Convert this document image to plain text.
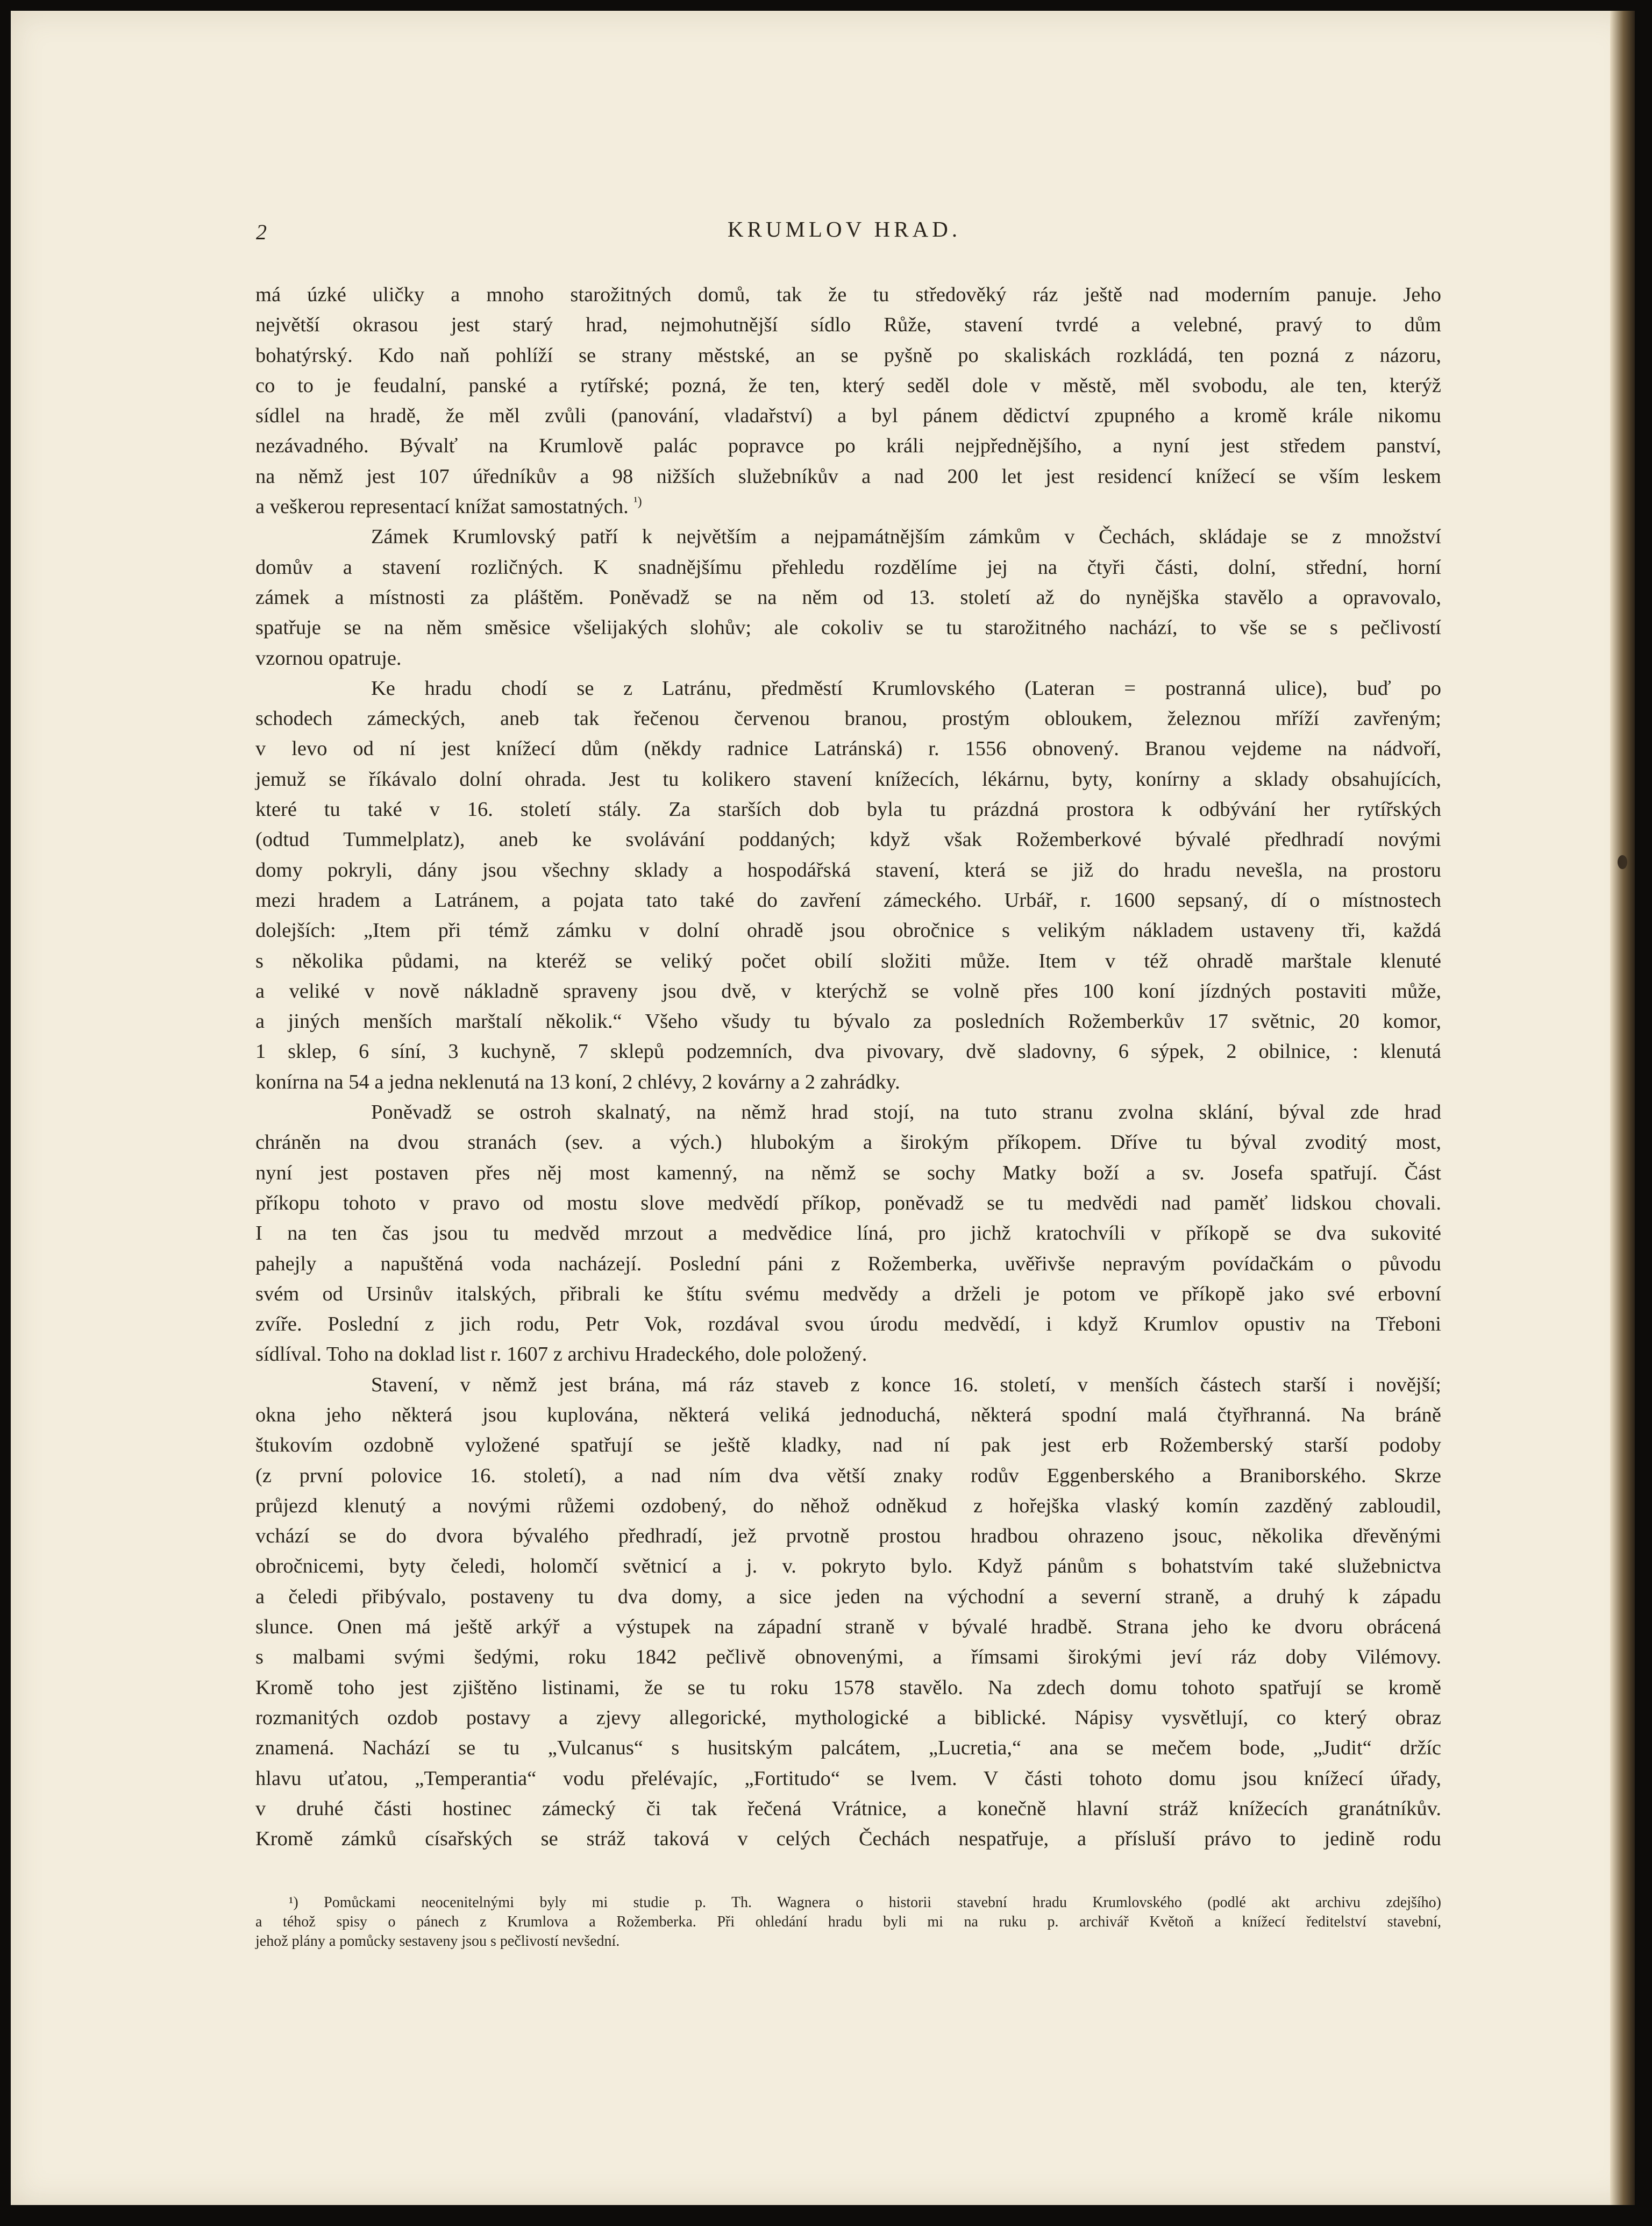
2	KRUMLOV HRAD.
má úzké uličky a mnoho starožitných domů, tak že tu středověký ráz ještě nad moderním panuje. Jeho
největší okrasou jest starý hrad, nejmohutnější sídlo Růže, stavení tvrdé a velebné, pravý to dům
bohatýrský. Kdo naň pohlíží se strany městské, an se pyšně po skaliskách rozkládá, ten pozná z názoru,
co to je feudalní, panské a rytířské; pozná, že ten, který seděl dole v městě, měl svobodu, ale ten, kterýž
sídlel na hradě, že měl zvůli (panování, vladařství) a byl pánem dědictví zpupného a kromě krále nikomu
nezávadného. Bývalť na Krumlově palác popravce po králi nejpřednějšího, a nyní jest středem panství,
na němž jest 107 úředníkův a 98 nižších služebníkův a nad 200 let jest residencí knížecí se vším leskem
a veškerou representací knížat samostatných. $^{^1)}$
Zámek Krumlovský patří k největším a nejpamátnějším zámkům v Čechách, skládaje se z množství
domův a stavení rozličných. K snadnějšímu přehledu rozdělíme jej na čtyři části, dolní, střední, horní
zámek a místnosti za pláštěm. Poněvadž se na něm od 13. století až do nynějška stavělo a opravovalo,
spatřuje se na něm směsice všelijakých slohův; ale cokoliv se tu starožitného nachází, to vše se s pečlivostí
vzornou opatruje.
Ke hradu chodí se z Latránu, předměstí Krumlovského (Lateran = postranná ulice), buď po
schodech zámeckých, aneb tak řečenou červenou branou, prostým obloukem, železnou mříží zavřeným;
v levo od ní jest knížecí dům (někdy radnice Latránská) r. 1556 obnovený. Branou vejdeme na nádvoří,
jemuž se říkávalo dolní ohrada. Jest tu kolikero stavení knížecích, lékárnu, byty, konírny a sklady obsahujících,
které tu také v 16. století stály. Za starších dob byla tu prázdná prostora k odbývání her rytířských
(odtud Tummelplatz), aneb ke svolávání poddaných; když však Rožemberkové bývalé předhradí novými
domy pokryli, dány jsou všechny sklady a hospodářská stavení, která se již do hradu nevešla, na prostoru
mezi hradem a Latránem, a pojata tato také do zavření zámeckého. Urbář, r. 1600 sepsaný, dí o místnostech
dolejších: „Item při témž zámku v dolní ohradě jsou obročnice s velikým nákladem ustaveny tři, každá
s několika půdami, na kteréž se veliký počet obilí složiti může. Item v též ohradě marštale klenuté
a veliké v nově nákladně spraveny jsou dvě, v kterýchž se volně přes 100 koní jízdných postaviti může,
a jiných menších marštalí několik.“ Všeho všudy tu bývalo za posledních Rožemberkův 17 světnic, 20 komor,
1 sklep, 6 síní, 3 kuchyně, 7 sklepů podzemních, dva pivovary, dvě sladovny, 6 sýpek, 2 obilnice, : klenutá
konírna na 54 a jedna neklenutá na 13 koní, 2 chlévy, 2 kovárny a 2 zahrádky.
Poněvadž se ostroh skalnatý, na němž hrad stojí, na tuto stranu zvolna sklání, býval zde hrad
chráněn na dvou stranách (sev. a vých.) hlubokým a širokým příkopem. Dříve tu býval zvoditý most,
nyní jest postaven přes něj most kamenný, na němž se sochy Matky boží a sv. Josefa spatřují. Část
příkopu tohoto v pravo od mostu slove medvědí příkop, poněvadž se tu medvědi nad paměť lidskou chovali.
I na ten čas jsou tu medvěd mrzout a medvědice líná, pro jichž kratochvíli v příkopě se dva sukovité
pahejly a napuštěná voda nacházejí. Poslední páni z Rožemberka, uvěřivše nepravým povídačkám o původu
svém od Ursinův italských, přibrali ke štítu svému medvědy a drželi je potom ve příkopě jako své erbovní
zvíře. Poslední z jich rodu, Petr Vok, rozdával svou úrodu medvědí, i když Krumlov opustiv na Třeboni
sídlíval. Toho na doklad list r. 1607 z archivu Hradeckého, dole položený.
Stavení, v němž jest brána, má ráz staveb z konce 16. století, v menších částech starší i novější;
okna jeho některá jsou kuplována, některá veliká jednoduchá, některá spodní malá čtyřhranná. Na bráně
štukovím ozdobně vyložené spatřují se ještě kladky, nad ní pak jest erb Rožemberský starší podoby
(z první polovice 16. století), a nad ním dva větší znaky rodův Eggenberského a Braniborského. Skrze
průjezd klenutý a novými růžemi ozdobený, do něhož odněkud z hořejška vlaský komín zazděný zabloudil,
vchází se do dvora bývalého předhradí, jež prvotně prostou hradbou ohrazeno jsouc, několika dřevěnými
obročnicemi, byty čeledi, holomčí světnicí a j. v. pokryto bylo. Když pánům s bohatstvím také služebnictva
a čeledi přibývalo, postaveny tu dva domy, a sice jeden na východní a severní straně, a druhý k západu
slunce. Onen má ještě arkýř a výstupek na západní straně v bývalé hradbě. Strana jeho ke dvoru obrácená
s malbami svými šedými, roku 1842 pečlivě obnovenými, a římsami širokými jeví ráz doby Vilémovy.
Kromě toho jest zjištěno listinami, že se tu roku 1578 stavělo. Na zdech domu tohoto spatřují se kromě
rozmanitých ozdob postavy a zjevy allegorické, mythologické a biblické. Nápisy vysvětlují, co který obraz
znamená. Nachází se tu „Vulcanus“ s husitským palcátem, „Lucretia,“ ana se mečem bode, „Judit“ držíc
hlavu uťatou, „Temperantia“ vodu přelévajíc, „Fortitudo“ se lvem. V části tohoto domu jsou knížecí úřady,
v druhé části hostinec zámecký či tak řečená Vrátnice, a konečně hlavní stráž knížecích granátníkův.
Kromě zámků císařských se stráž taková v celých Čechách nespatřuje, a přísluší právo to jedině rodu
¹) Pomůckami neocenitelnými byly mi studie p. Th. Wagnera o historii stavební hradu Krumlovského (podlé akt archivu zdejšího)
a téhož spisy o pánech z Krumlova a Rožemberka. Při ohledání hradu byli mi na ruku p. archivář Květoň a knížecí ředitelství stavební,
jehož plány a pomůcky sestaveny jsou s pečlivostí nevšední.
